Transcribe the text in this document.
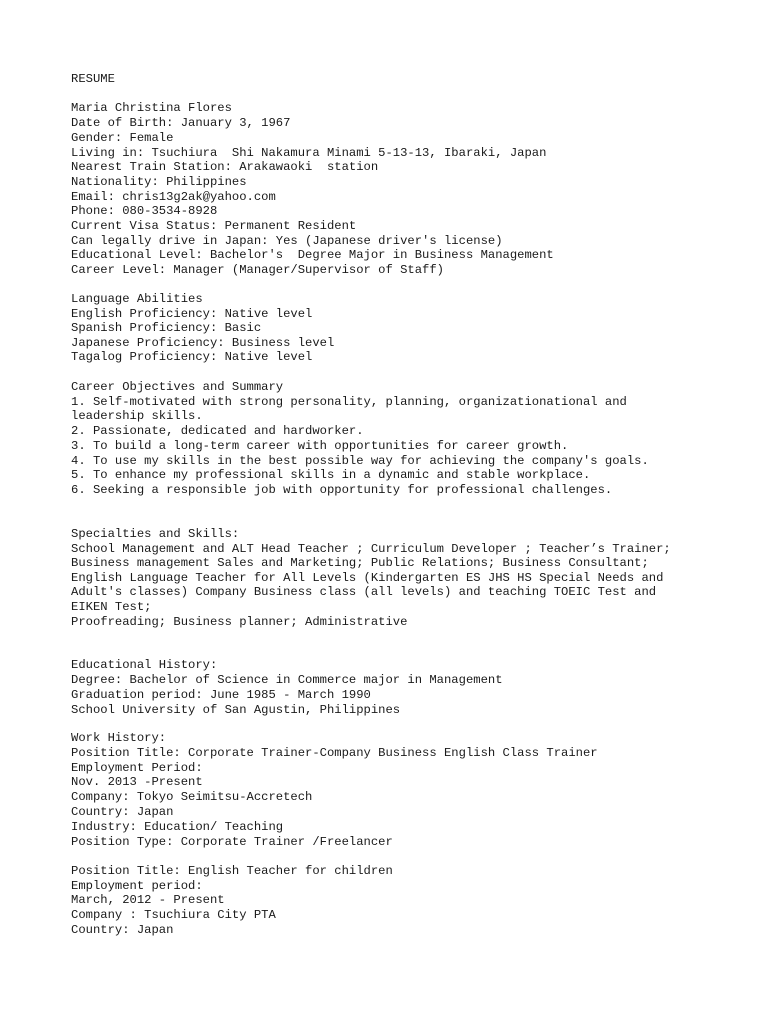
RESUME

Maria Christina Flores

Date of Birth: January 3, 1967

Gender: Female

Living in: Tsuchiura  Shi Nakamura Minami 5-13-13, Ibaraki, Japan

Nearest Train Station: Arakawaoki  station

Nationality: Philippines

Email: chris13g2ak@yahoo.com

Phone: 080-3534-8928

Current Visa Status: Permanent Resident

Can legally drive in Japan: Yes (Japanese driver's license)

Educational Level: Bachelor's  Degree Major in Business Management

Career Level: Manager (Manager/Supervisor of Staff)

Language Abilities

English Proficiency: Native level

Spanish Proficiency: Basic

Japanese Proficiency: Business level

Tagalog Proficiency: Native level

Career Objectives and Summary

1. Self-motivated with strong personality, planning, organizationational and

leadership skills.

2. Passionate, dedicated and hardworker.

3. To build a long-term career with opportunities for career growth.

4. To use my skills in the best possible way for achieving the company's goals.

5. To enhance my professional skills in a dynamic and stable workplace.

6. Seeking a responsible job with opportunity for professional challenges.

Specialties and Skills:

School Management and ALT Head Teacher ; Curriculum Developer ; Teacher’s Trainer;

Business management Sales and Marketing; Public Relations; Business Consultant;

English Language Teacher for All Levels (Kindergarten ES JHS HS Special Needs and

Adult's classes) Company Business class (all levels) and teaching TOEIC Test and

EIKEN Test;

Proofreading; Business planner; Administrative

Educational History:

Degree: Bachelor of Science in Commerce major in Management

Graduation period: June 1985 - March 1990

School University of San Agustin, Philippines

Work History:

Position Title: Corporate Trainer-Company Business English Class Trainer

Employment Period:

Nov. 2013 -Present

Company: Tokyo Seimitsu-Accretech

Country: Japan

Industry: Education/ Teaching

Position Type: Corporate Trainer /Freelancer

Position Title: English Teacher for children

Employment period:

March, 2012 - Present

Company : Tsuchiura City PTA

Country: Japan
